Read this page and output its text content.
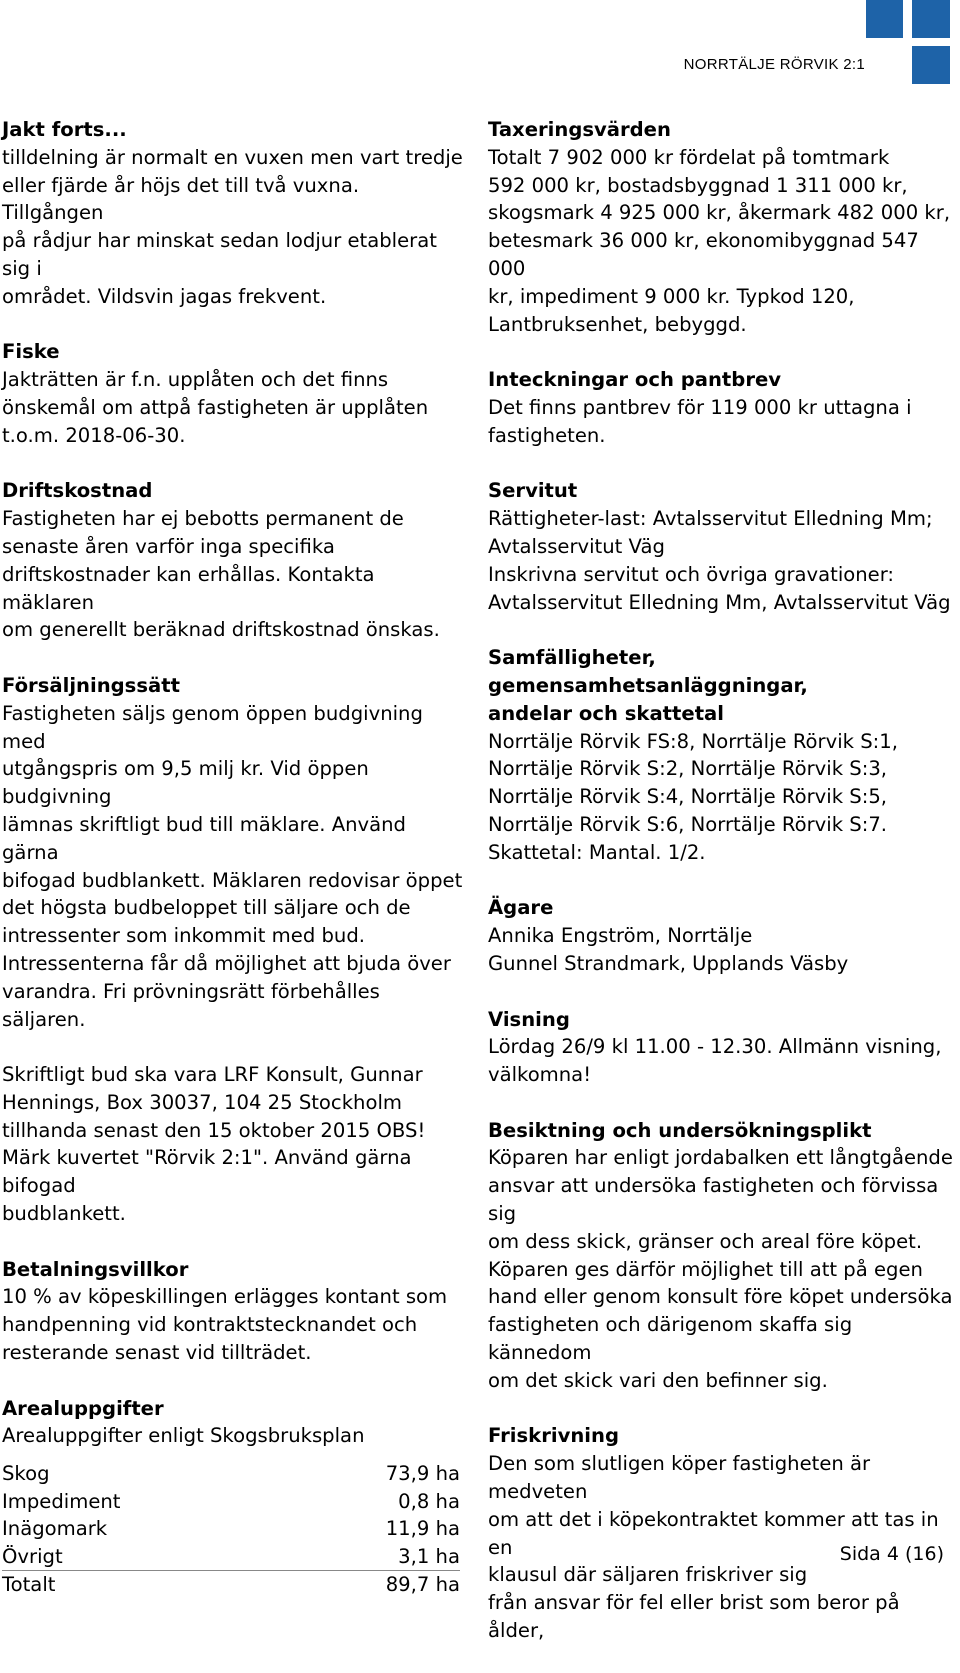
NORRTÄLJE RÖRVIK 2:1
Jakt forts...

tilldelning är normalt en vuxen men vart tredje

eller fjärde år höjs det till två vuxna. Tillgången

på rådjur har minskat sedan lodjur etablerat sig i

området. Vildsvin jagas frekvent.

Fiske

Jakträtten är f.n. upplåten och det finns

önskemål om attpå fastigheten är upplåten

t.o.m. 2018-06-30.

Driftskostnad

Fastigheten har ej bebotts permanent de

senaste åren varför inga specifika

driftskostnader kan erhållas. Kontakta mäklaren

om generellt beräknad driftskostnad önskas.

Försäljningssätt

Fastigheten säljs genom öppen budgivning med

utgångspris om 9,5 milj kr. Vid öppen budgivning

lämnas skriftligt bud till mäklare. Använd gärna

bifogad budblankett. Mäklaren redovisar öppet

det högsta budbeloppet till säljare och de

intressenter som inkommit med bud.

Intressenterna får då möjlighet att bjuda över

varandra. Fri prövningsrätt förbehålles säljaren.

Skriftligt bud ska vara LRF Konsult, Gunnar

Hennings, Box 30037, 104 25 Stockholm

tillhanda senast den 15 oktober 2015 OBS!

Märk kuvertet "Rörvik 2:1". Använd gärna bifogad

budblankett.

Betalningsvillkor

10 % av köpeskillingen erlägges kontant som

handpenning vid kontraktstecknandet och

resterande senast vid tillträdet.

Arealuppgifter

Arealuppgifter enligt Skogsbruksplan

Skog	73,9 ha
Impediment	0,8 ha
Inägomark	11,9 ha
Övrigt	3,1 ha
Totalt	89,7 ha
Taxeringsvärden

Totalt 7 902 000 kr fördelat på tomtmark

592 000 kr, bostadsbyggnad 1 311 000 kr,

skogsmark 4 925 000 kr, åkermark 482 000 kr,

betesmark 36 000 kr, ekonomibyggnad 547 000

kr, impediment 9 000 kr. Typkod 120,

Lantbruksenhet, bebyggd.

Inteckningar och pantbrev

Det finns pantbrev för 119 000 kr uttagna i

fastigheten.

Servitut

Rättigheter-last: Avtalsservitut Elledning Mm;

Avtalsservitut Väg

Inskrivna servitut och övriga gravationer:

Avtalsservitut Elledning Mm, Avtalsservitut Väg

Samfälligheter, gemensamhetsanläggningar,
andelar och skattetal

Norrtälje Rörvik FS:8, Norrtälje Rörvik S:1,

Norrtälje Rörvik S:2, Norrtälje Rörvik S:3,

Norrtälje Rörvik S:4, Norrtälje Rörvik S:5,

Norrtälje Rörvik S:6, Norrtälje Rörvik S:7.

Skattetal: Mantal. 1/2.

Ägare

Annika Engström, Norrtälje

Gunnel Strandmark, Upplands Väsby

Visning

Lördag 26/9 kl 11.00 - 12.30. Allmänn visning,

välkomna!

Besiktning och undersökningsplikt

Köparen har enligt jordabalken ett långtgående

ansvar att undersöka fastigheten och förvissa sig

om dess skick, gränser och areal före köpet.

Köparen ges därför möjlighet till att på egen

hand eller genom konsult före köpet undersöka

fastigheten och därigenom skaffa sig kännedom

om det skick vari den befinner sig.

Friskrivning

Den som slutligen köper fastigheten är medveten

om att det i köpekontraktet kommer att tas in en

klausul där säljaren friskriver sig

från ansvar för fel eller brist som beror på ålder,

Sida 4 (16)
